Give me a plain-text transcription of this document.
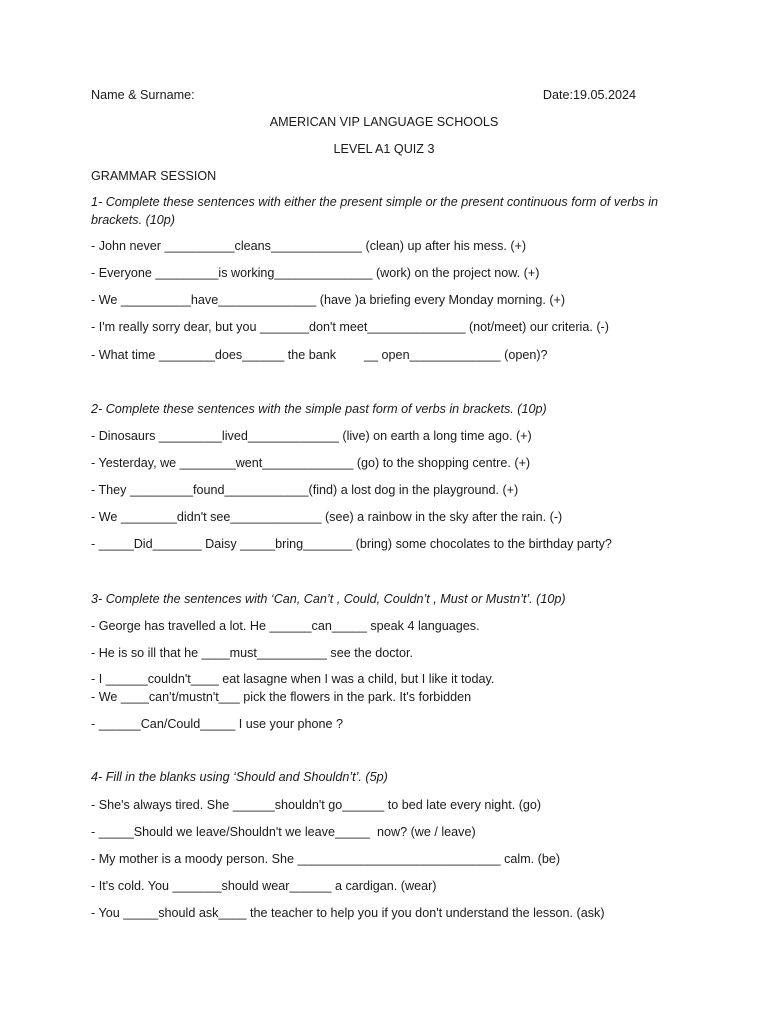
Name & Surname:	Date:19.05.2024
AMERICAN VIP LANGUAGE SCHOOLS
LEVEL A1 QUIZ 3
GRAMMAR SESSION
1- Complete these sentences with either the present simple or the present continuous form of verbs in brackets. (10p)
- John never __________cleans_____________ (clean) up after his mess. (+)
- Everyone _________is working______________ (work) on the project now. (+)
- We __________have______________ (have )a briefing every Monday morning. (+)
- I'm really sorry dear, but you _______don't meet______________ (not/meet) our criteria. (-)
- What time ________does______ the bank        __ open_____________ (open)?
2- Complete these sentences with the simple past form of verbs in brackets. (10p)
- Dinosaurs _________lived_____________ (live) on earth a long time ago. (+)
- Yesterday, we ________went_____________ (go) to the shopping centre. (+)
- They _________found____________(find) a lost dog in the playground. (+)
- We ________didn't see_____________ (see) a rainbow in the sky after the rain. (-)
- _____Did_______ Daisy _____bring_______ (bring) some chocolates to the birthday party?
3- Complete the sentences with ‘Can, Can’t , Could, Couldn’t , Must or Mustn’t’. (10p)
- George has travelled a lot. He ______can_____ speak 4 languages.
- He is so ill that he ____must__________ see the doctor.
- I ______couldn't____ eat lasagne when I was a child, but I like it today.
- We ____can't/mustn't___ pick the flowers in the park. It's forbidden
- ______Can/Could_____ I use your phone ?
4- Fill in the blanks using ‘Should and Shouldn’t’. (5p)
- She's always tired. She ______shouldn't go______ to bed late every night. (go)
- _____Should we leave/Shouldn't we leave_____  now? (we / leave)
- My mother is a moody person. She _____________________________ calm. (be)
- It's cold. You _______should wear______ a cardigan. (wear)
- You _____should ask____ the teacher to help you if you don't understand the lesson. (ask)
